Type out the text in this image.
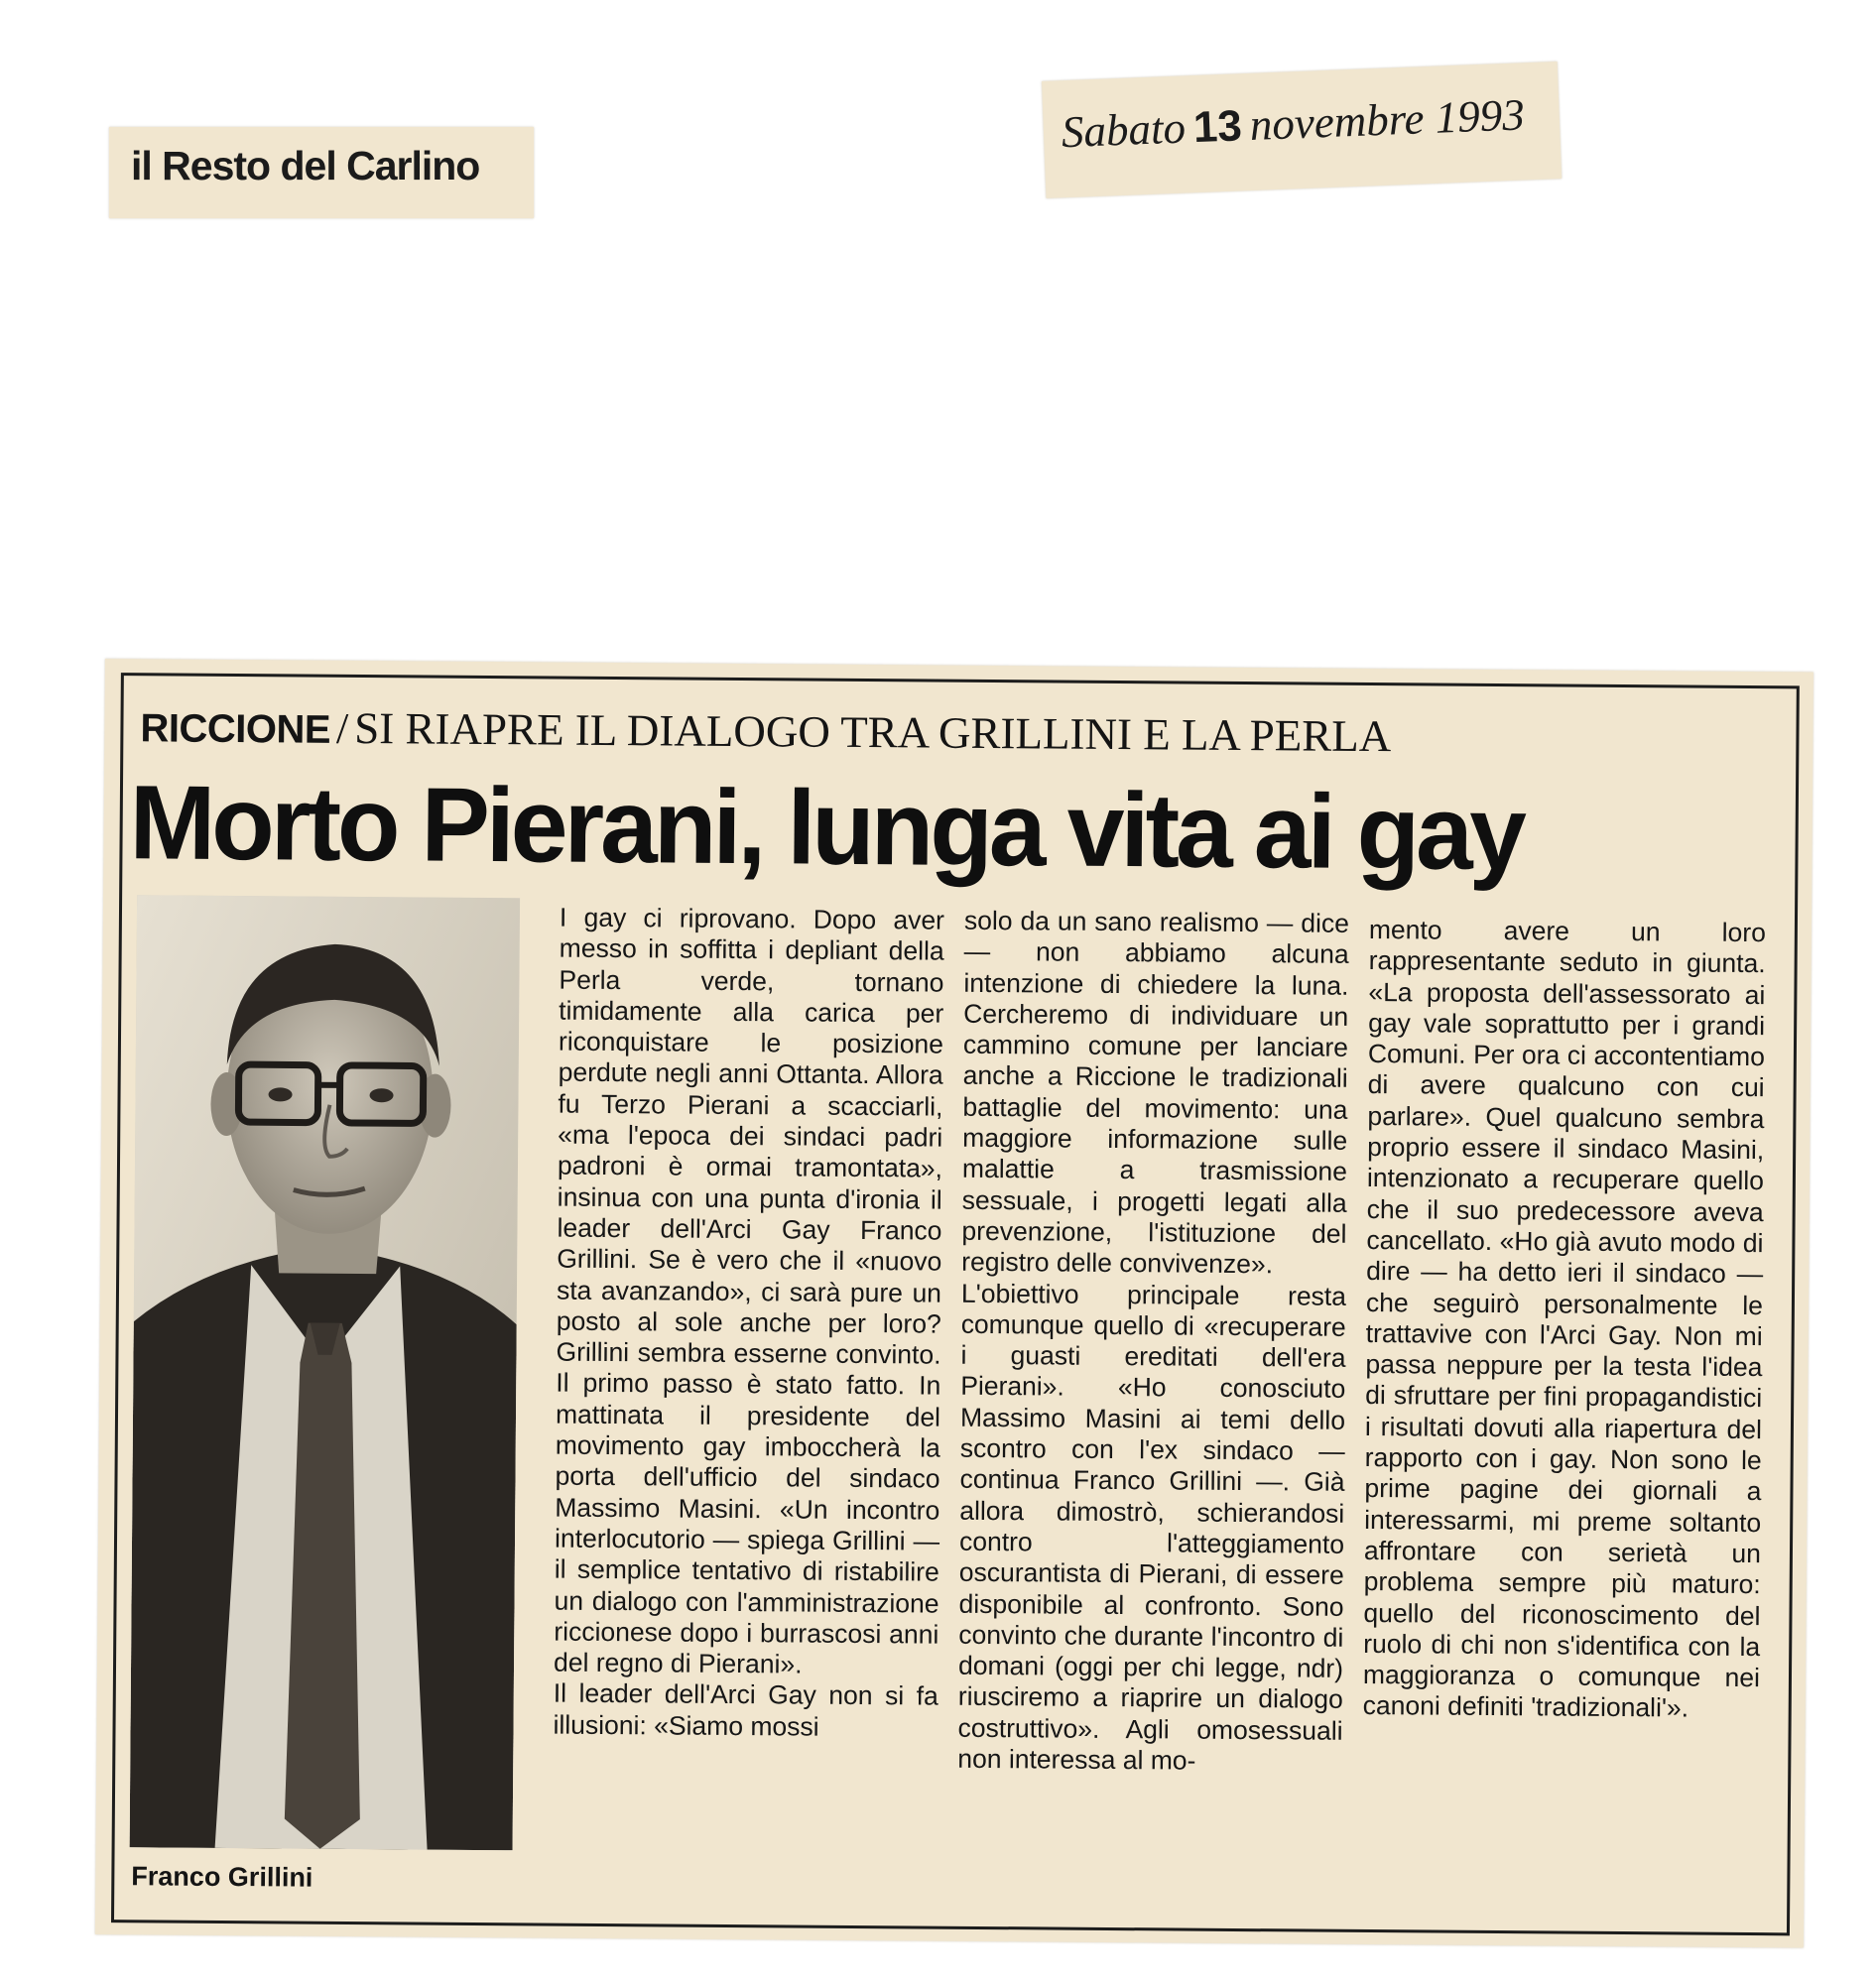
il Resto del Carlino
Sabato 13 novembre 1993
RICCIONE / SI RIAPRE IL DIALOGO TRA GRILLINI E LA PERLA
Morto Pierani, lunga vita ai gay
Franco Grillini

I gay ci riprovano. Dopo aver messo in soffitta i depliant della Perla verde, tornano timidamente alla carica per riconquistare le posizione perdute negli anni Ottanta. Allora fu Terzo Pierani a scacciarli, «ma l'epoca dei sindaci padri padroni è ormai tramontata», insinua con una punta d'ironia il leader dell'Arci Gay Franco Grillini. Se è vero che il «nuovo sta avanzando», ci sarà pure un posto al sole anche per loro? Grillini sembra esserne convinto. Il primo passo è stato fatto. In mattinata il presidente del movimento gay imboccherà la porta dell'ufficio del sindaco Massimo Masini. «Un incontro interlocutorio — spiega Grillini — il semplice tentativo di ristabilire un dialogo con l'amministrazione riccionese dopo i burrascosi anni del regno di Pierani».

Il leader dell'Arci Gay non si fa illusioni: «Siamo mossi

solo da un sano realismo — dice — non abbiamo alcuna intenzione di chiedere la luna. Cercheremo di individuare un cammino comune per lanciare anche a Riccione le tradizionali battaglie del movimento: una maggiore informazione sulle malattie a trasmissione sessuale, i progetti legati alla prevenzione, l'istituzione del registro delle convivenze».

L'obiettivo principale resta comunque quello di «recuperare i guasti ereditati dell'era Pierani». «Ho conosciuto Massimo Masini ai temi dello scontro con l'ex sindaco — continua Franco Grillini —. Già allora dimostrò, schierandosi contro l'atteggiamento oscurantista di Pierani, di essere disponibile al confronto. Sono convinto che durante l'incontro di domani (oggi per chi legge, ndr) riusciremo a riaprire un dialogo costruttivo». Agli omosessuali non interessa al mo-

mento avere un loro rappresentante seduto in giunta. «La proposta dell'assessorato ai gay vale soprattutto per i grandi Comuni. Per ora ci accontentiamo di avere qualcuno con cui parlare». Quel qualcuno sembra proprio essere il sindaco Masini, intenzionato a recuperare quello che il suo predecessore aveva cancellato. «Ho già avuto modo di dire — ha detto ieri il sindaco — che seguirò personalmente le trattavive con l'Arci Gay. Non mi passa neppure per la testa l'idea di sfruttare per fini propagandistici i risultati dovuti alla riapertura del rapporto con i gay. Non sono le prime pagine dei giornali a interessarmi, mi preme soltanto affrontare con serietà un problema sempre più maturo: quello del riconoscimento del ruolo di chi non s'identifica con la maggioranza o comunque nei canoni definiti 'tradizionali'».
